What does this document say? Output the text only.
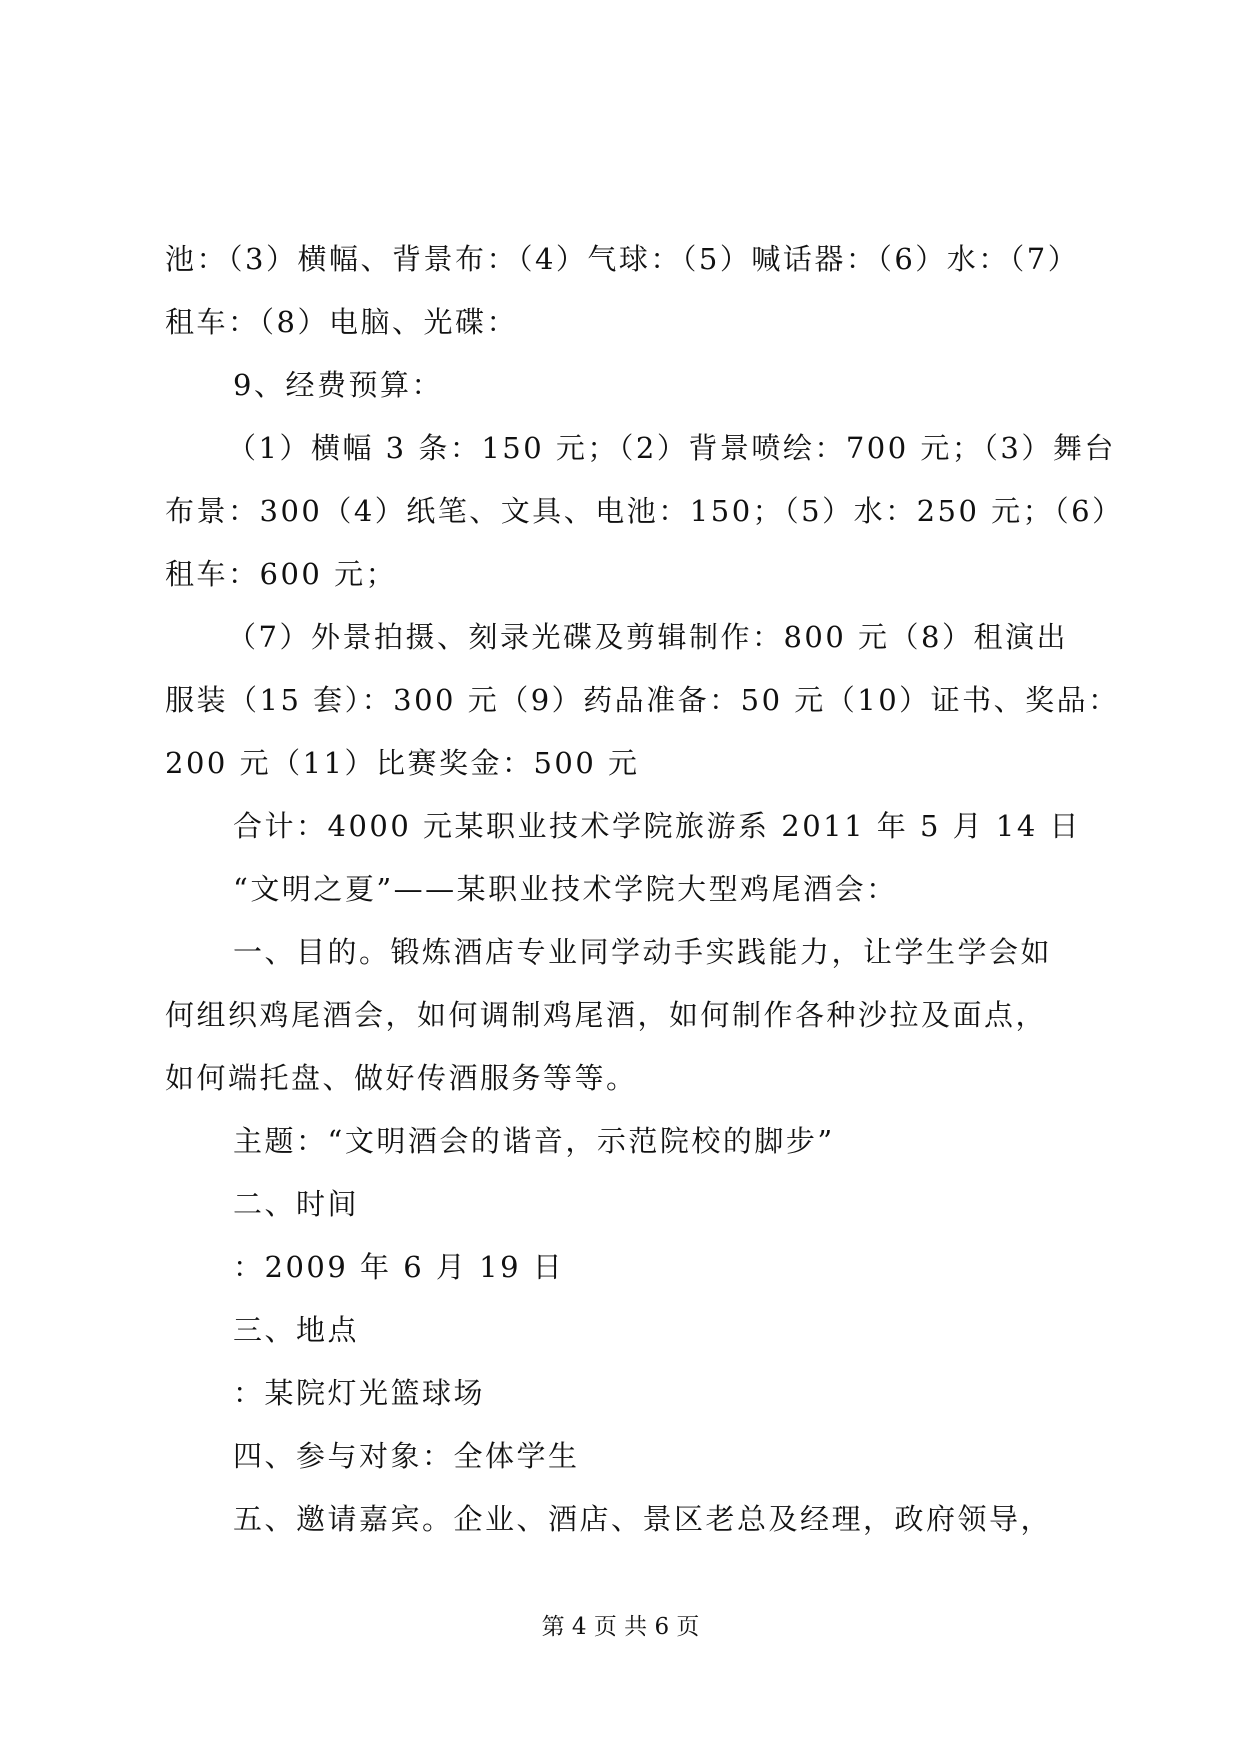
池：（3）横幅、背景布：（4）气球：（5）喊话器：（6）水：（7）
租车：（8）电脑、光碟：
9、经费预算：
（1）横幅 3 条：150 元；（2）背景喷绘：700 元；（3）舞台
布景：300（4）纸笔、文具、电池：150；（5）水：250 元；（6）
租车：600 元；
（7）外景拍摄、刻录光碟及剪辑制作：800 元（8）租演出
服装（15 套）：300 元（9）药品准备：50 元（10）证书、奖品：
200 元（11）比赛奖金：500 元
合计：4000 元某职业技术学院旅游系 2011 年 5 月 14 日
“文明之夏”——某职业技术学院大型鸡尾酒会：
一、目的。锻炼酒店专业同学动手实践能力，让学生学会如
何组织鸡尾酒会，如何调制鸡尾酒，如何制作各种沙拉及面点，
如何端托盘、做好传酒服务等等。
主题：“文明酒会的谐音，示范院校的脚步”
二、时间
：2009 年 6 月 19 日
三、地点
：某院灯光篮球场
四、参与对象：全体学生
五、邀请嘉宾。企业、酒店、景区老总及经理，政府领导，
第 4 页 共 6 页
